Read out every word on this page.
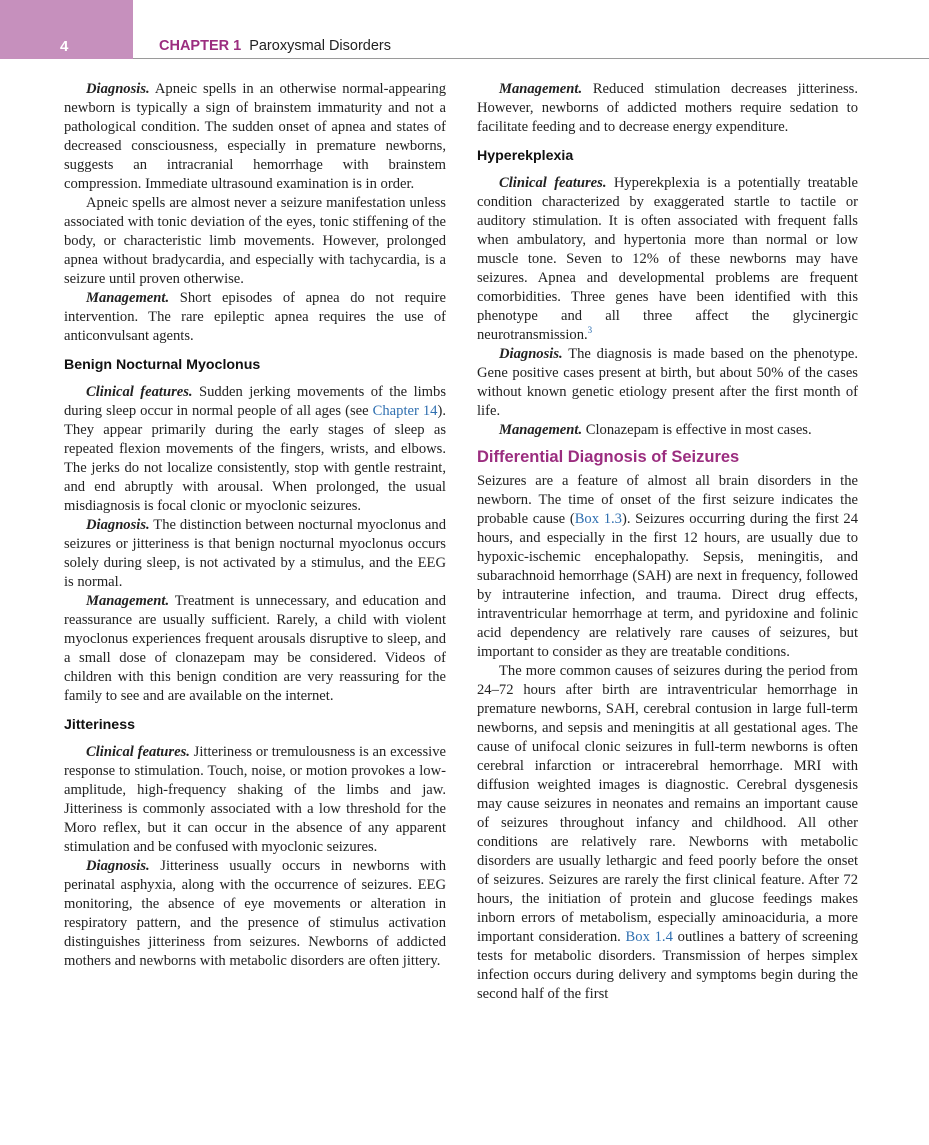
4	CHAPTER 1 Paroxysmal Disorders

Diagnosis. Apneic spells in an otherwise normal-appearing newborn is typically a sign of brainstem immaturity and not a pathological condition. The sudden onset of apnea and states of decreased consciousness, especially in premature newborns, suggests an intracranial hemorrhage with brainstem compression. Immediate ultrasound examination is in order.

Apneic spells are almost never a seizure manifestation unless associated with tonic deviation of the eyes, tonic stiffening of the body, or characteristic limb movements. However, prolonged apnea without bradycardia, and especially with tachycardia, is a seizure until proven otherwise.

Management. Short episodes of apnea do not require intervention. The rare epileptic apnea requires the use of anticonvulsant agents.

Benign Nocturnal Myoclonus

Clinical features. Sudden jerking movements of the limbs during sleep occur in normal people of all ages (see Chapter 14). They appear primarily during the early stages of sleep as repeated flexion movements of the fingers, wrists, and elbows. The jerks do not localize consistently, stop with gentle restraint, and end abruptly with arousal. When prolonged, the usual misdiagnosis is focal clonic or myoclonic seizures.

Diagnosis. The distinction between nocturnal myoclonus and seizures or jitteriness is that benign nocturnal myoclonus occurs solely during sleep, is not activated by a stimulus, and the EEG is normal.

Management. Treatment is unnecessary, and education and reassurance are usually sufficient. Rarely, a child with violent myoclonus experiences frequent arousals disruptive to sleep, and a small dose of clonazepam may be considered. Videos of children with this benign condition are very reassuring for the family to see and are available on the internet.

Jitteriness

Clinical features. Jitteriness or tremulousness is an excessive response to stimulation. Touch, noise, or motion provokes a low-amplitude, high-frequency shaking of the limbs and jaw. Jitteriness is commonly associated with a low threshold for the Moro reflex, but it can occur in the absence of any apparent stimulation and be confused with myoclonic seizures.

Diagnosis. Jitteriness usually occurs in newborns with perinatal asphyxia, along with the occurrence of seizures. EEG monitoring, the absence of eye movements or alteration in respiratory pattern, and the presence of stimulus activation distinguishes jitteriness from seizures. Newborns of addicted mothers and newborns with metabolic disorders are often jittery.

Management. Reduced stimulation decreases jitteriness. However, newborns of addicted mothers require sedation to facilitate feeding and to decrease energy expenditure.

Hyperekplexia

Clinical features. Hyperekplexia is a potentially treatable condition characterized by exaggerated startle to tactile or auditory stimulation. It is often associated with frequent falls when ambulatory, and hypertonia more than normal or low muscle tone. Seven to 12% of these newborns may have seizures. Apnea and developmental problems are frequent comorbidities. Three genes have been identified with this phenotype and all three affect the glycinergic neurotransmission.$^3$

Diagnosis. The diagnosis is made based on the phenotype. Gene positive cases present at birth, but about 50% of the cases without known genetic etiology present after the first month of life.

Management. Clonazepam is effective in most cases.

Differential Diagnosis of Seizures

Seizures are a feature of almost all brain disorders in the newborn. The time of onset of the first seizure indicates the probable cause (Box 1.3). Seizures occurring during the first 24 hours, and especially in the first 12 hours, are usually due to hypoxic-ischemic encephalopathy. Sepsis, meningitis, and subarachnoid hemorrhage (SAH) are next in frequency, followed by intrauterine infection, and trauma. Direct drug effects, intraventricular hemorrhage at term, and pyridoxine and folinic acid dependency are relatively rare causes of seizures, but important to consider as they are treatable conditions.

The more common causes of seizures during the period from 24–72 hours after birth are intraventricular hemorrhage in premature newborns, SAH, cerebral contusion in large full-term newborns, and sepsis and meningitis at all gestational ages. The cause of unifocal clonic seizures in full-term newborns is often cerebral infarction or intracerebral hemorrhage. MRI with diffusion weighted images is diagnostic. Cerebral dysgenesis may cause seizures in neonates and remains an important cause of seizures throughout infancy and childhood. All other conditions are relatively rare. Newborns with metabolic disorders are usually lethargic and feed poorly before the onset of seizures. Seizures are rarely the first clinical feature. After 72 hours, the initiation of protein and glucose feedings makes inborn errors of metabolism, especially aminoaciduria, a more important consideration. Box 1.4 outlines a battery of screening tests for metabolic disorders. Transmission of herpes simplex infection occurs during delivery and symptoms begin during the second half of the first
